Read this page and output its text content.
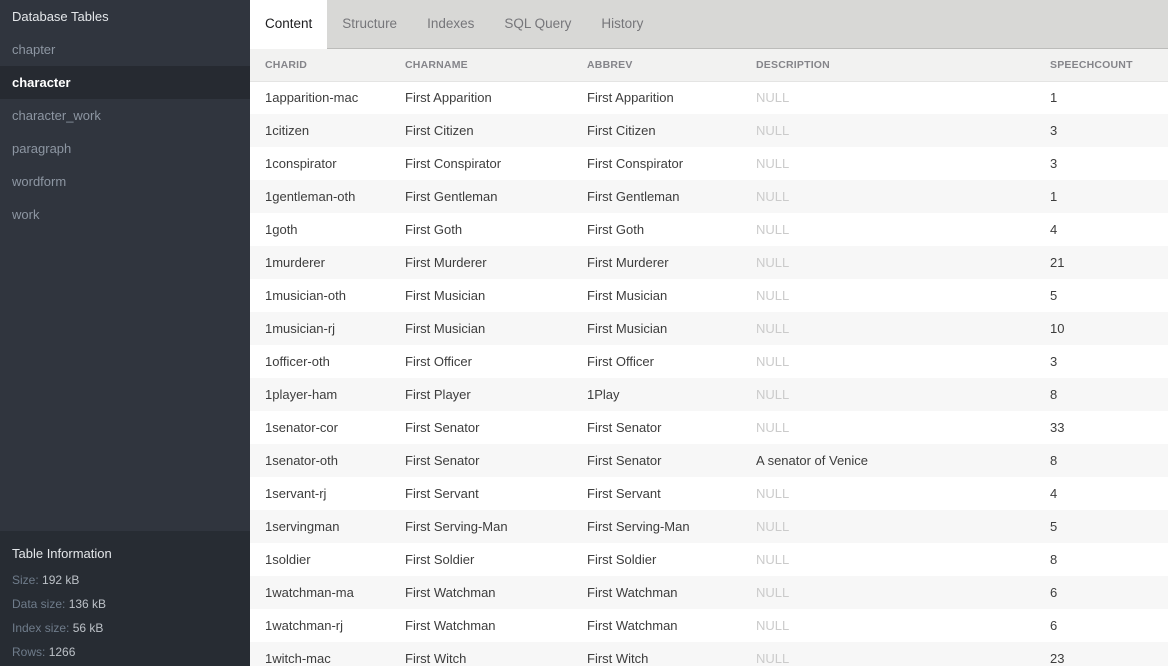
Database Tables
chapter
character
character_work
paragraph
wordform
work
Table Information
Size: 192 kB
Data size: 136 kB
Index size: 56 kB
Rows: 1266
Content	Structure	Indexes	SQL Query	History
CHARID	CHARNAME	ABBREV	DESCRIPTION	SPEECHCOUNT
1apparition-mac	First Apparition	First Apparition	NULL	1
1citizen	First Citizen	First Citizen	NULL	3
1conspirator	First Conspirator	First Conspirator	NULL	3
1gentleman-oth	First Gentleman	First Gentleman	NULL	1
1goth	First Goth	First Goth	NULL	4
1murderer	First Murderer	First Murderer	NULL	21
1musician-oth	First Musician	First Musician	NULL	5
1musician-rj	First Musician	First Musician	NULL	10
1officer-oth	First Officer	First Officer	NULL	3
1player-ham	First Player	1Play	NULL	8
1senator-cor	First Senator	First Senator	NULL	33
1senator-oth	First Senator	First Senator	A senator of Venice	8
1servant-rj	First Servant	First Servant	NULL	4
1servingman	First Serving-Man	First Serving-Man	NULL	5
1soldier	First Soldier	First Soldier	NULL	8
1watchman-ma	First Watchman	First Watchman	NULL	6
1watchman-rj	First Watchman	First Watchman	NULL	6
1witch-mac	First Witch	First Witch	NULL	23
